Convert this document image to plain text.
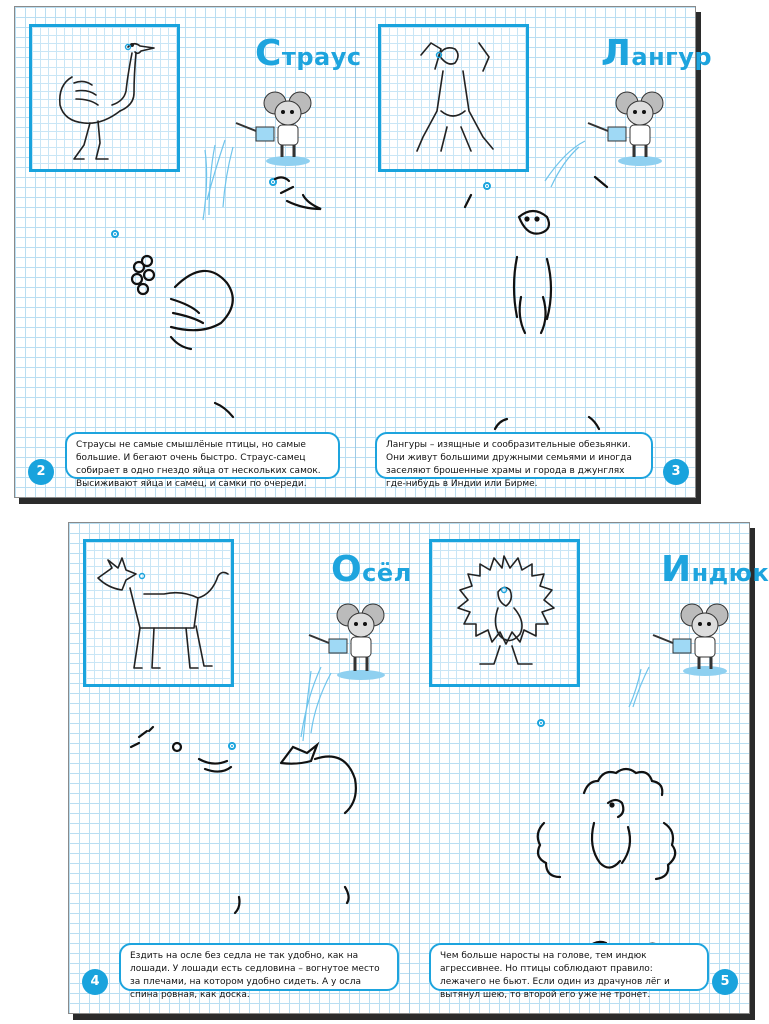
Страус
Страусы не самые смышлёные птицы, но самые большие. И бегают очень быстро. Страус-самец собирает в одно гнездо яйца от нескольких самок. Высиживают яйца и самец, и самки по очереди.
2
Лангур
Лангуры – изящные и сообразительные обезьянки. Они живут большими дружными семьями и иногда заселяют брошенные храмы и города в джунглях где-нибудь в Индии или Бирме.
3
Осёл
Ездить на осле без седла не так удобно, как на лошади. У лошади есть седловина – вогнутое место за плечами, на котором удобно сидеть. А у осла спина ровная, как доска.
4
Индюк
Чем больше наросты на голове, тем индюк агрессивнее. Но птицы соблюдают правило: лежачего не бьют. Если один из драчунов лёг и вытянул шею, то второй его уже не тронет.
5
